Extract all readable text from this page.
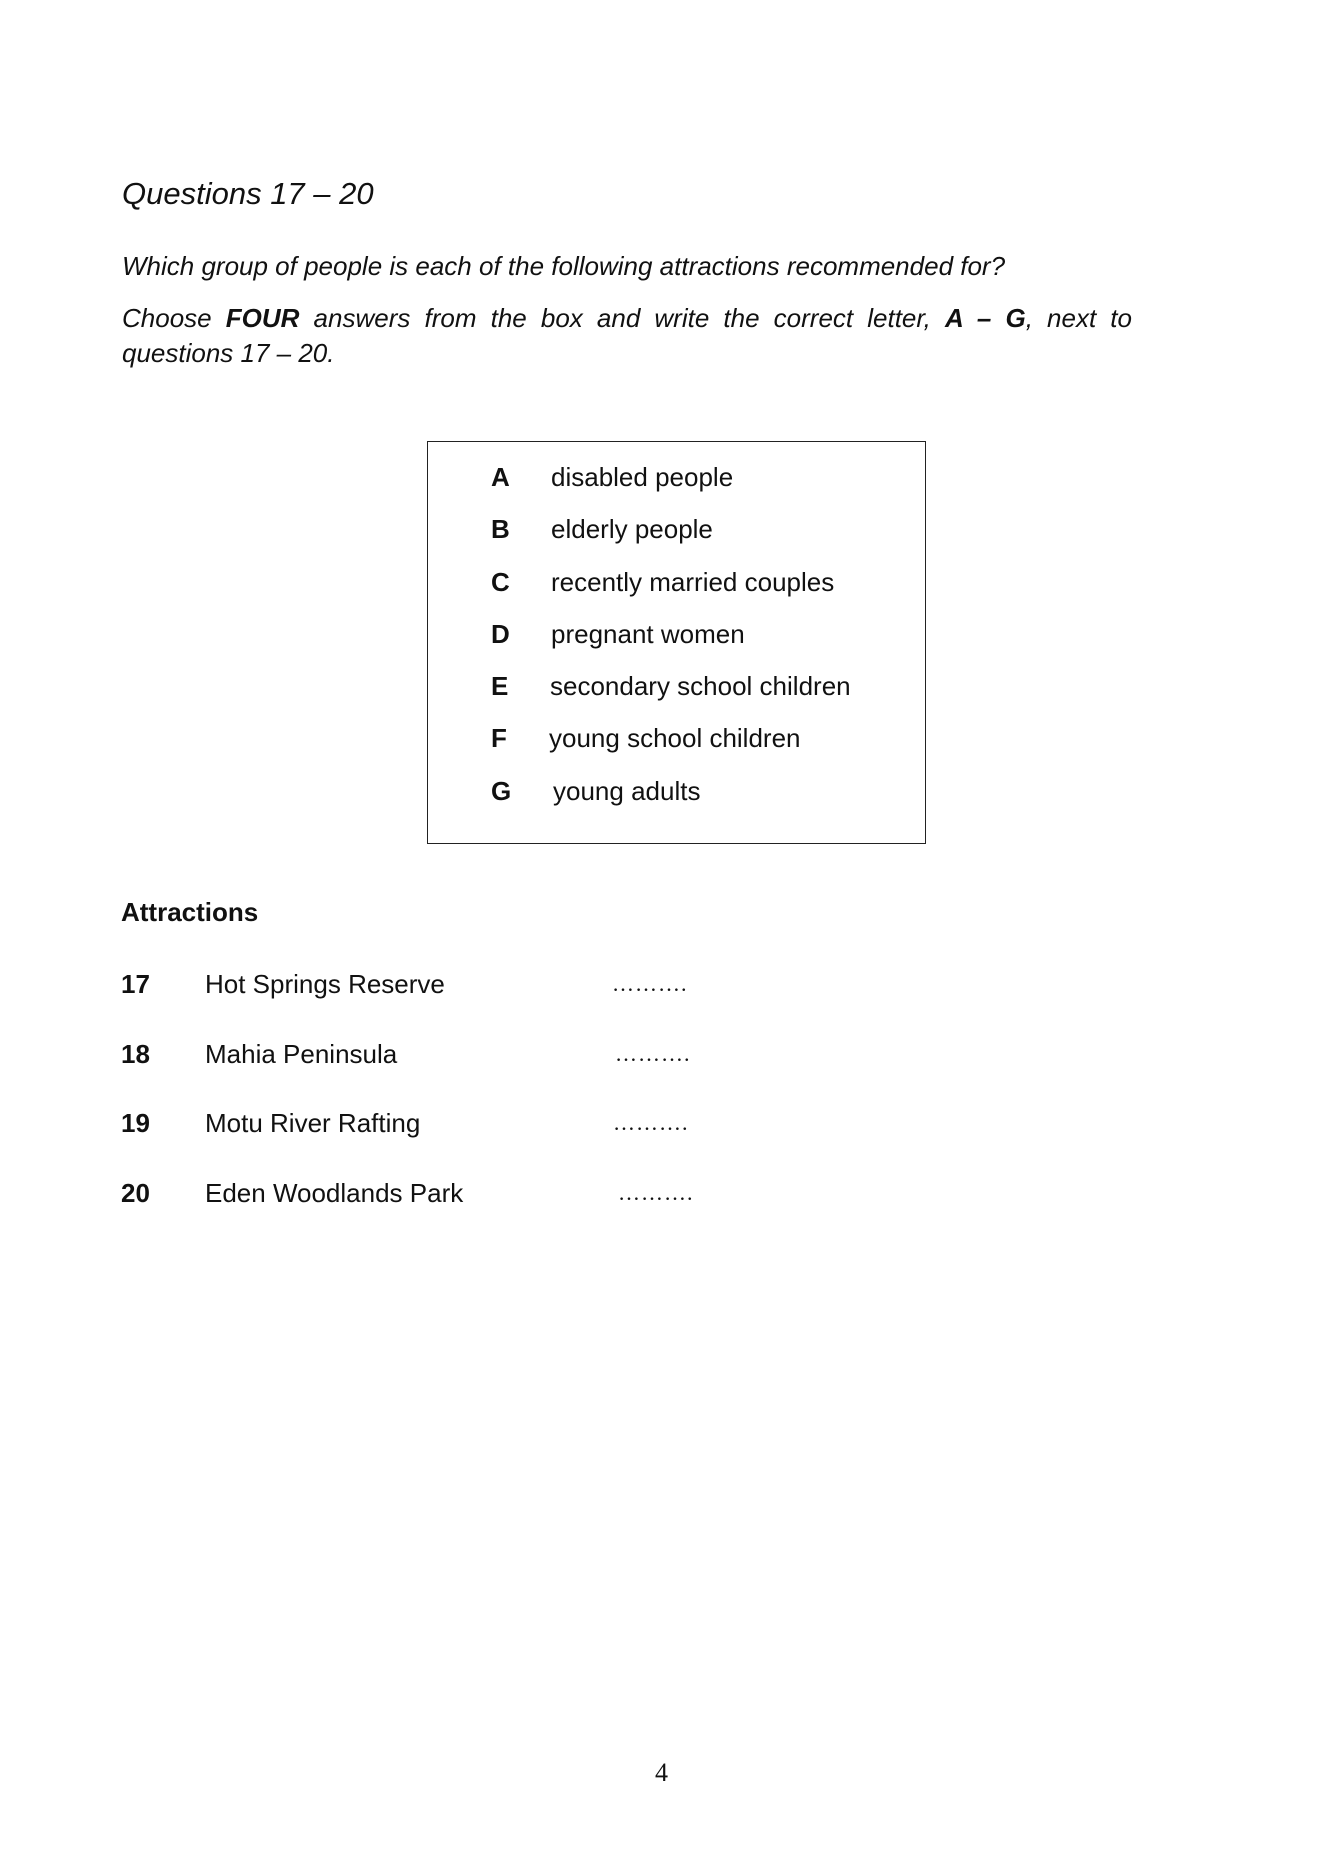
Questions 17 – 20
Which group of people is each of the following attractions recommended for?
Choose FOUR answers from the box and write the correct letter, A – G, next to questions 17 – 20.
A disabled people
B elderly people
C recently married couples
D pregnant women
E secondary school children
F young school children
G young adults
Attractions
17 Hot Springs Reserve	……….
18 Mahia Peninsula	……….
19 Motu River Rafting	……….
20 Eden Woodlands Park	……….
4
